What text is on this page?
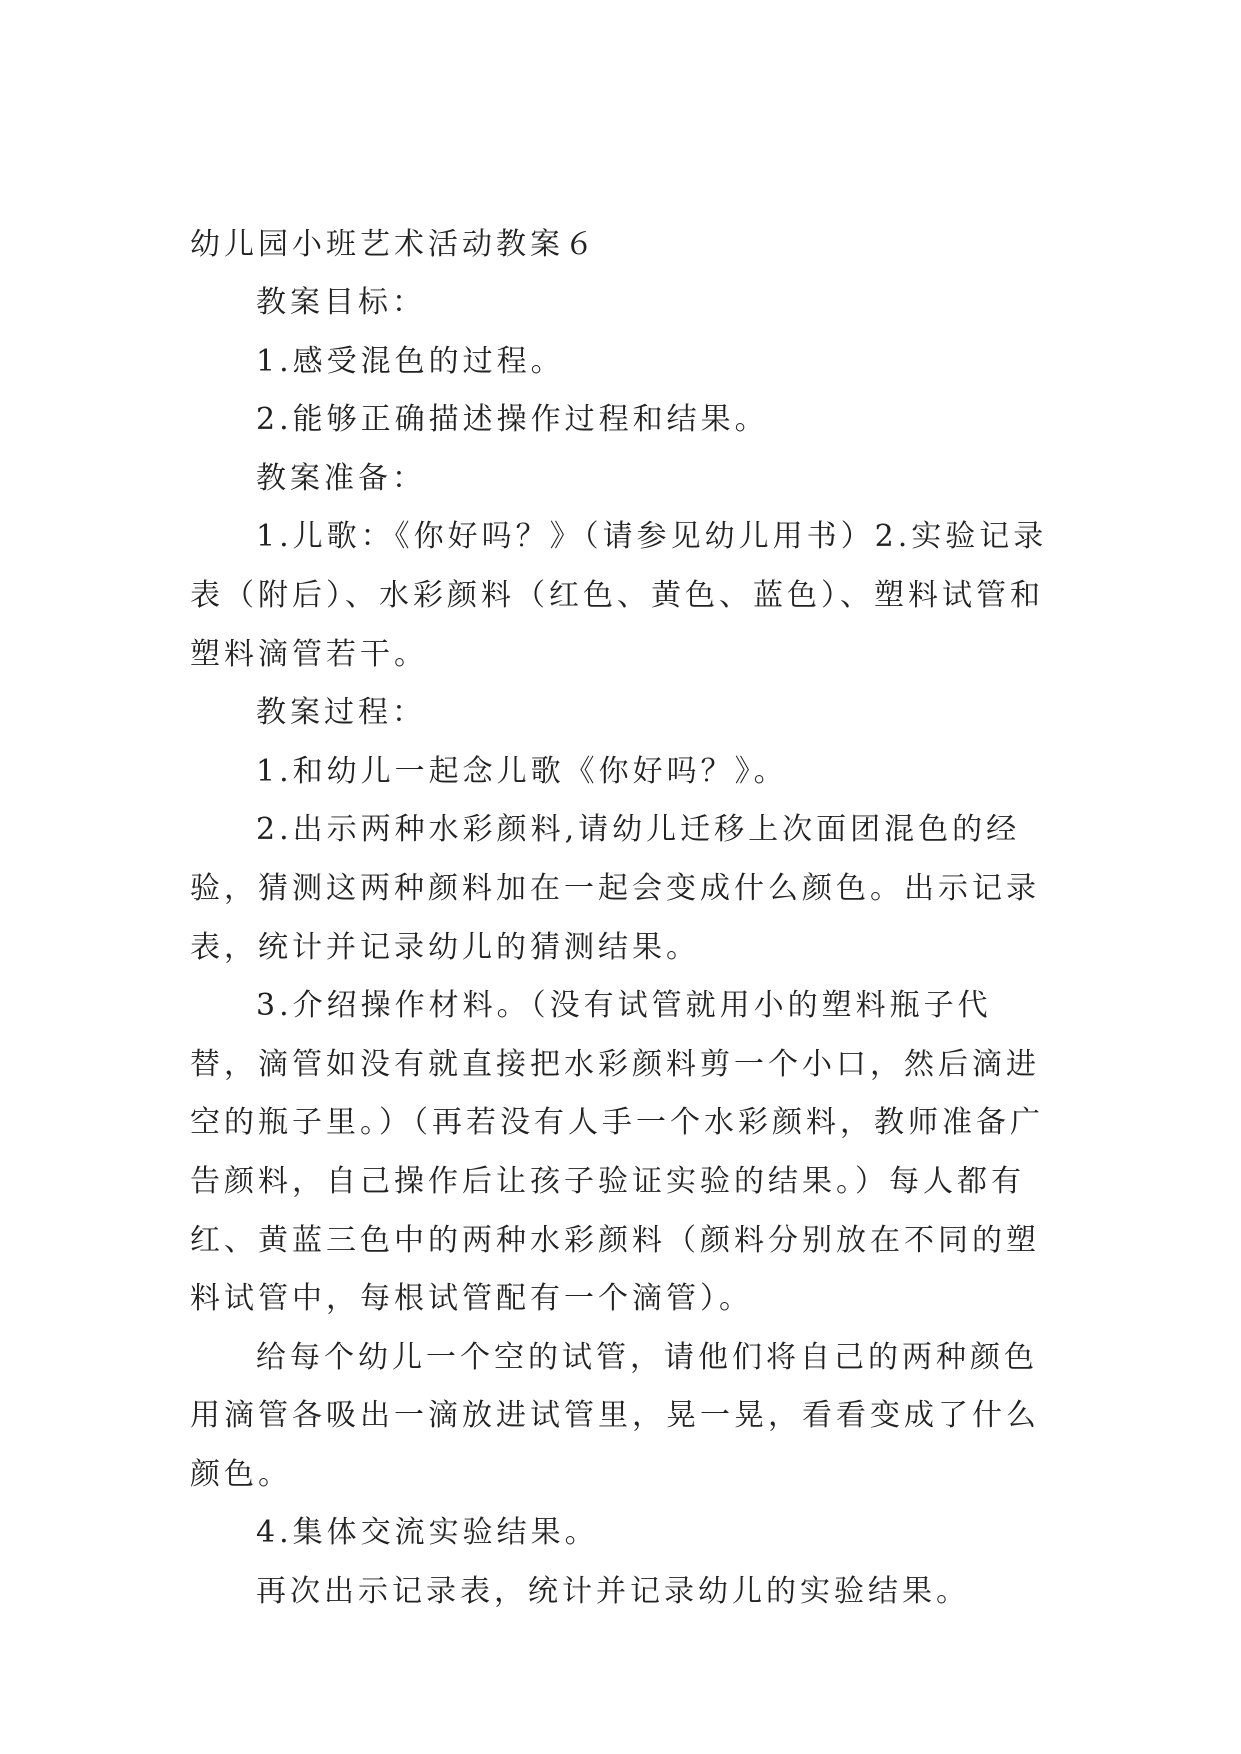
幼儿园小班艺术活动教案６

教案目标：

1.感受混色的过程。

2.能够正确描述操作过程和结果。

教案准备：

1.儿歌：《你好吗？》（请参见幼儿用书）2.实验记录表（附后）、水彩颜料（红色、黄色、蓝色）、塑料试管和塑料滴管若干。

教案过程：

1.和幼儿一起念儿歌《你好吗？》。

2.出示两种水彩颜料,请幼儿迁移上次面团混色的经验，猜测这两种颜料加在一起会变成什么颜色。出示记录表，统计并记录幼儿的猜测结果。

3.介绍操作材料。（没有试管就用小的塑料瓶子代替，滴管如没有就直接把水彩颜料剪一个小口，然后滴进空的瓶子里。）（再若没有人手一个水彩颜料，教师准备广告颜料，自己操作后让孩子验证实验的结果。）每人都有红、黄蓝三色中的两种水彩颜料（颜料分别放在不同的塑料试管中，每根试管配有一个滴管）。

给每个幼儿一个空的试管，请他们将自己的两种颜色用滴管各吸出一滴放进试管里，晃一晃，看看变成了什么颜色。

4.集体交流实验结果。

再次出示记录表，统计并记录幼儿的实验结果。
